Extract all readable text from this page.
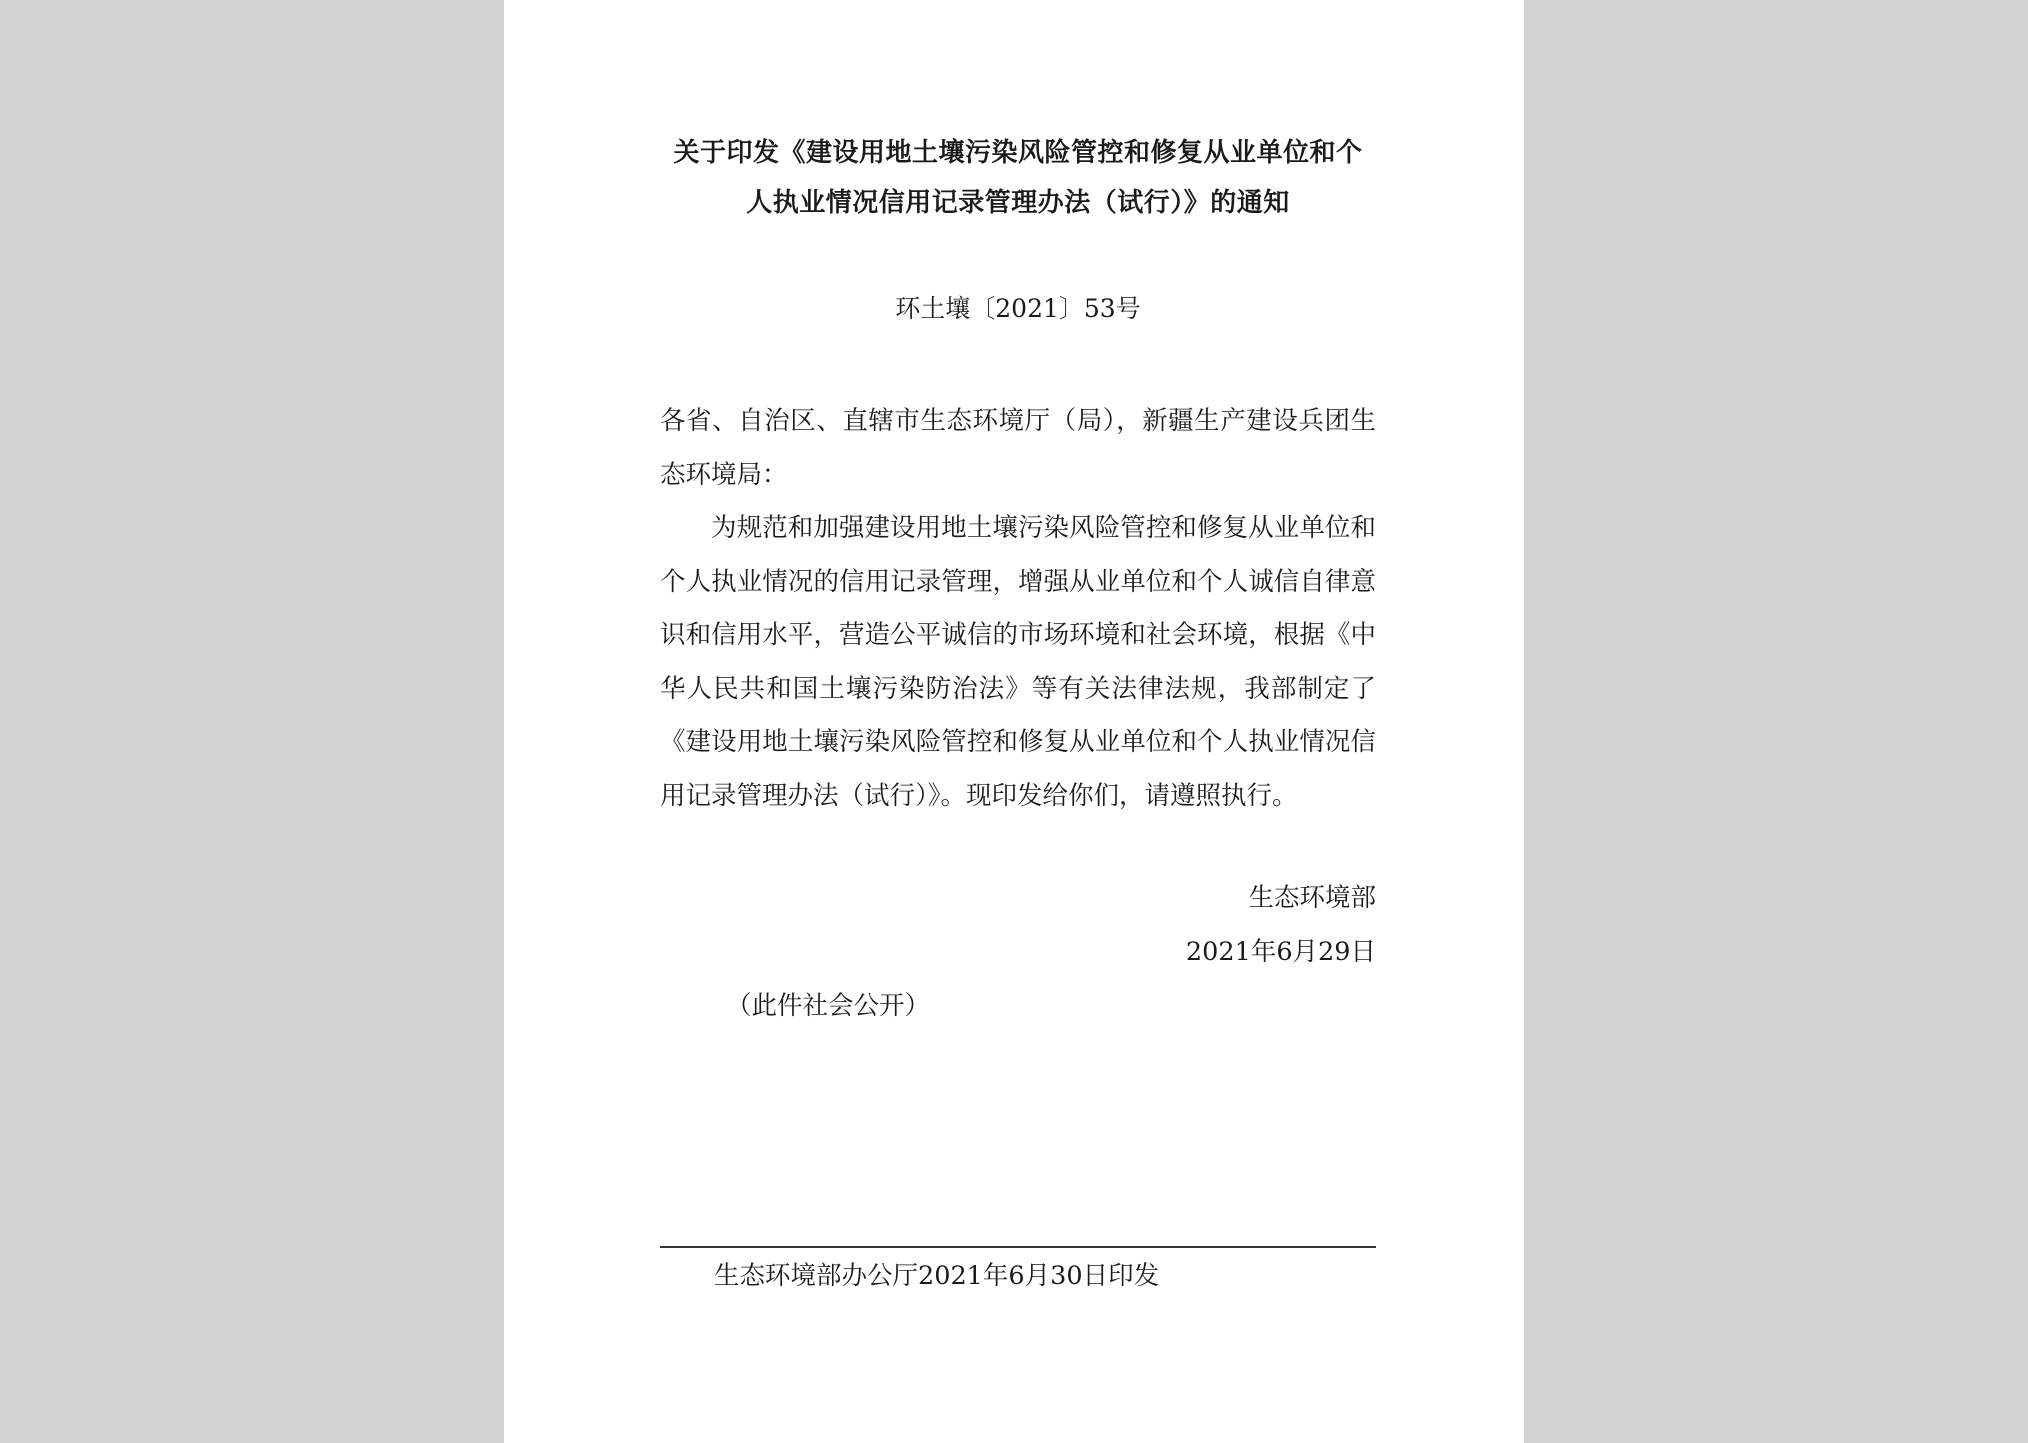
关于印发《建设用地土壤污染风险管控和修复从业单位和个
人执业情况信用记录管理办法（试行）》的通知
环土壤〔2021〕53号

各省、自治区、直辖市生态环境厅（局），新疆生产建设兵团生态环境局：

为规范和加强建设用地土壤污染风险管控和修复从业单位和个人执业情况的信用记录管理，增强从业单位和个人诚信自律意识和信用水平，营造公平诚信的市场环境和社会环境，根据《中华人民共和国土壤污染防治法》等有关法律法规，我部制定了《建设用地土壤污染风险管控和修复从业单位和个人执业情况信用记录管理办法（试行）》。现印发给你们，请遵照执行。

生态环境部
2021年6月29日
（此件社会公开）
生态环境部办公厅2021年6月30日印发
